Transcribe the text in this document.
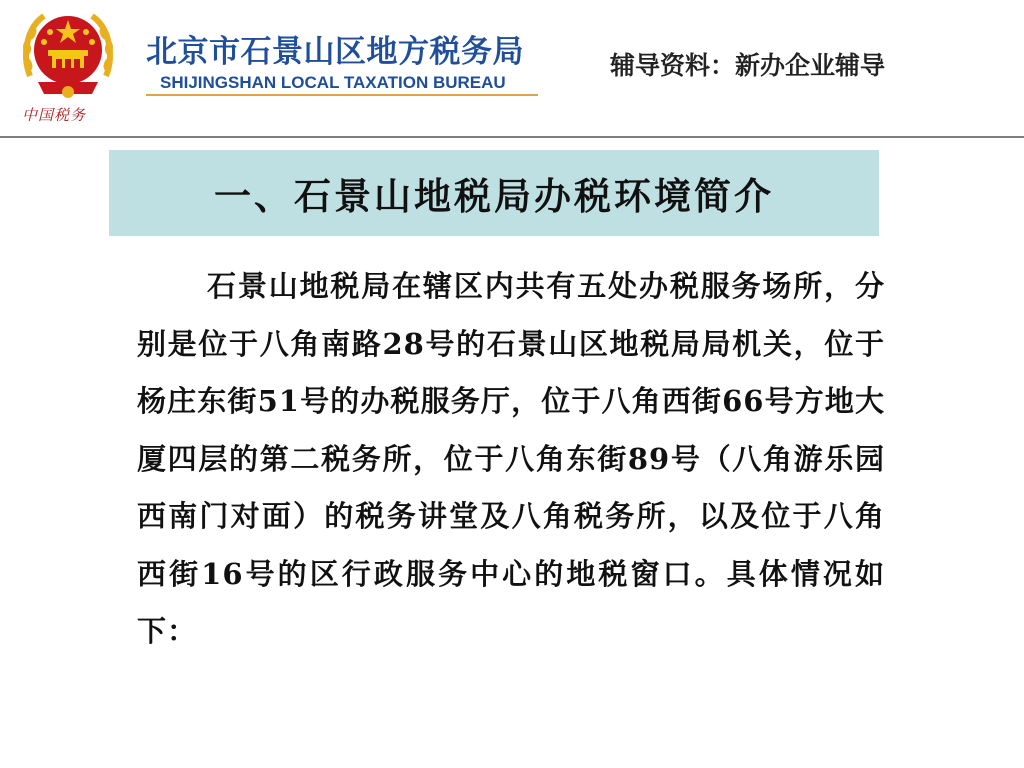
中国税务
北京市石景山区地方税务局
SHIJINGSHAN LOCAL TAXATION BUREAU
辅导资料：新办企业辅导
一、石景山地税局办税环境简介
石景山地税局在辖区内共有五处办税服务场所，分别是位于八角南路28号的石景山区地税局局机关，位于杨庄东街51号的办税服务厅，位于八角西街66号方地大厦四层的第二税务所，位于八角东街89号（八角游乐园西南门对面）的税务讲堂及八角税务所，以及位于八角西街16号的区行政服务中心的地税窗口。具体情况如下：
